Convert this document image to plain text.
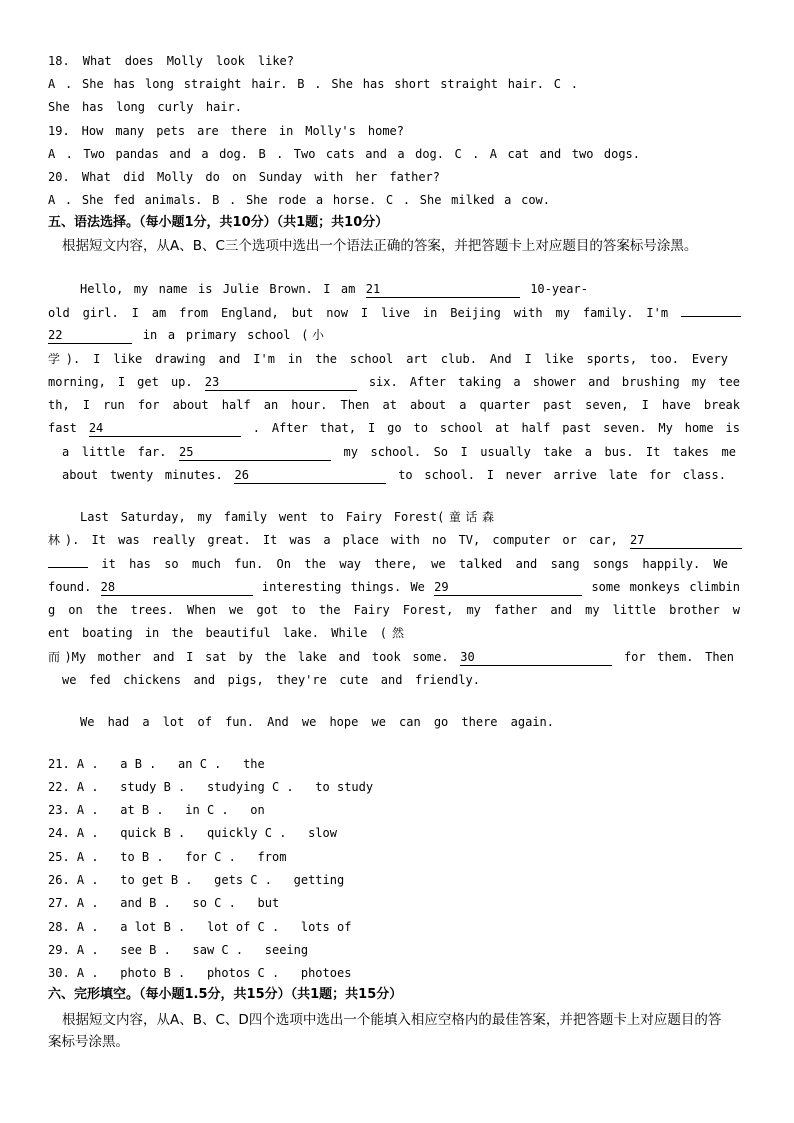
18. What does Molly look like?
A . She has long straight hair. B . She has short straight hair. C .
She has long curly hair.
19. How many pets are there in Molly's home?
A . Two pandas and a dog. B . Two cats and a dog. C . A cat and two dogs.
20. What did Molly do on Sunday with her father?
A . She fed animals. B . She rode a horse. C . She milked a cow.
五、语法选择。（每小题1分，共10分）（共1题；共10分）
根据短文内容，从A、B、C三个选项中选出一个语法正确的答案，并把答题卡上对应题目的答案标号涂黑。
Hello, my name is Julie Brown. I am 21	10-year-
old girl. I am from England, but now I live in Beijing with my family. I'm
22	in a primary school (小
学). I like drawing and I'm in the school art club. And I like sports, too. Every
morning, I get up. 23	six. After taking a shower and brushing my tee
th, I run for about half an hour. Then at about a quarter past seven, I have break
fast 24	. After that, I go to school at half past seven. My home is
a little far. 25	my school. So I usually take a bus. It takes me
about twenty minutes. 26	to school. I never arrive late for class.
Last Saturday, my family went to Fairy Forest(童话森
林). It was really great. It was a place with no TV, computer or car, 27
it has so much fun. On the way there, we talked and sang songs happily. We
found. 28	interesting things. We 29	some monkeys climbin
g on the trees. When we got to the Fairy Forest, my father and my little brother w
ent boating in the beautiful lake. While (然
而)My mother and I sat by the lake and took some. 30	for them. Then
we fed chickens and pigs, they're cute and friendly.
We had a lot of fun. And we hope we can go there again.
21. A .   a B .   an C .   the
22. A .   study B .   studying C .   to study
23. A .   at B .   in C .   on
24. A .   quick B .   quickly C .   slow
25. A .   to B .   for C .   from
26. A .   to get B .   gets C .   getting
27. A .   and B .   so C .   but
28. A .   a lot B .   lot of C .   lots of
29. A .   see B .   saw C .   seeing
30. A .   photo B .   photos C .   photoes
六、完形填空。（每小题1.5分，共15分）（共1题；共15分）
根据短文内容，从A、B、C、D四个选项中选出一个能填入相应空格内的最佳答案，并把答题卡上对应题目的答
案标号涂黑。
